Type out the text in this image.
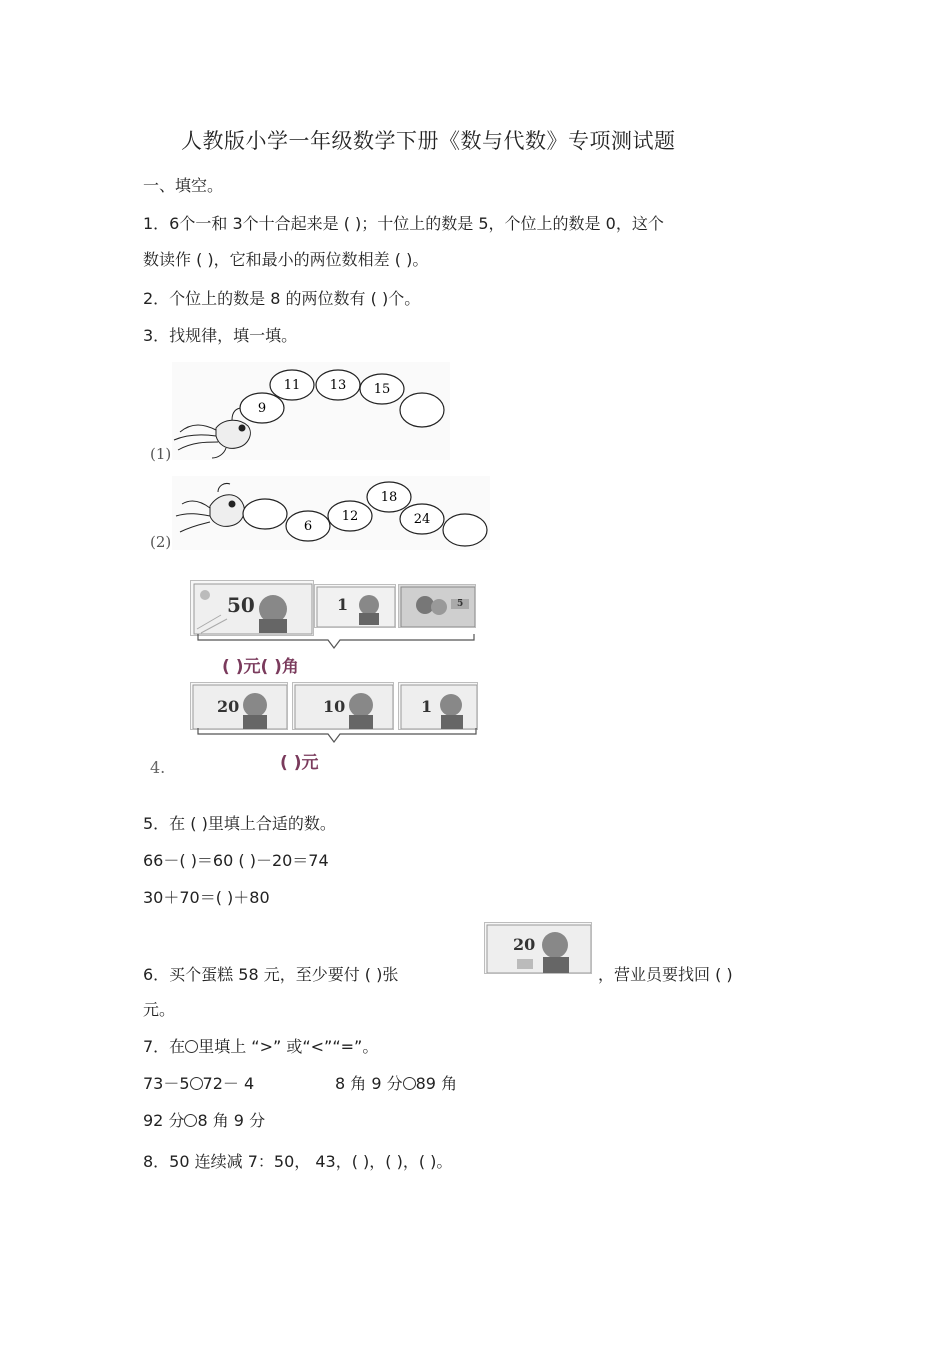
人教版小学一年级数学下册《数与代数》专项测试题
一、填空。
1．6个一和 3个十合起来是 ( )；十位上的数是 5，个位上的数是 0，这个
数读作 ( )，它和最小的两位数相差 ( )。
2．个位上的数是 8 的两位数有 ( )个。
3．找规律，填一填。
(1)
9
11 13 15
(2)
6
12
18
24
50	1	5
( )元( )角
20	10	1
4.	( )元
5．在 ( )里填上合适的数。
66－( )＝60 ( )－20＝74
30＋70＝( )＋80
6．买个蛋糕 58 元，至少要付 ( )张
20
，营业员要找回 ( )
元。
7．在 里填上 “>” 或“<”“=”。
73－5 72－ 4	8 角 9 分 89 角
92 分 8 角 9 分
8．50 连续减 7：50， 43，( )，( )，( )。
